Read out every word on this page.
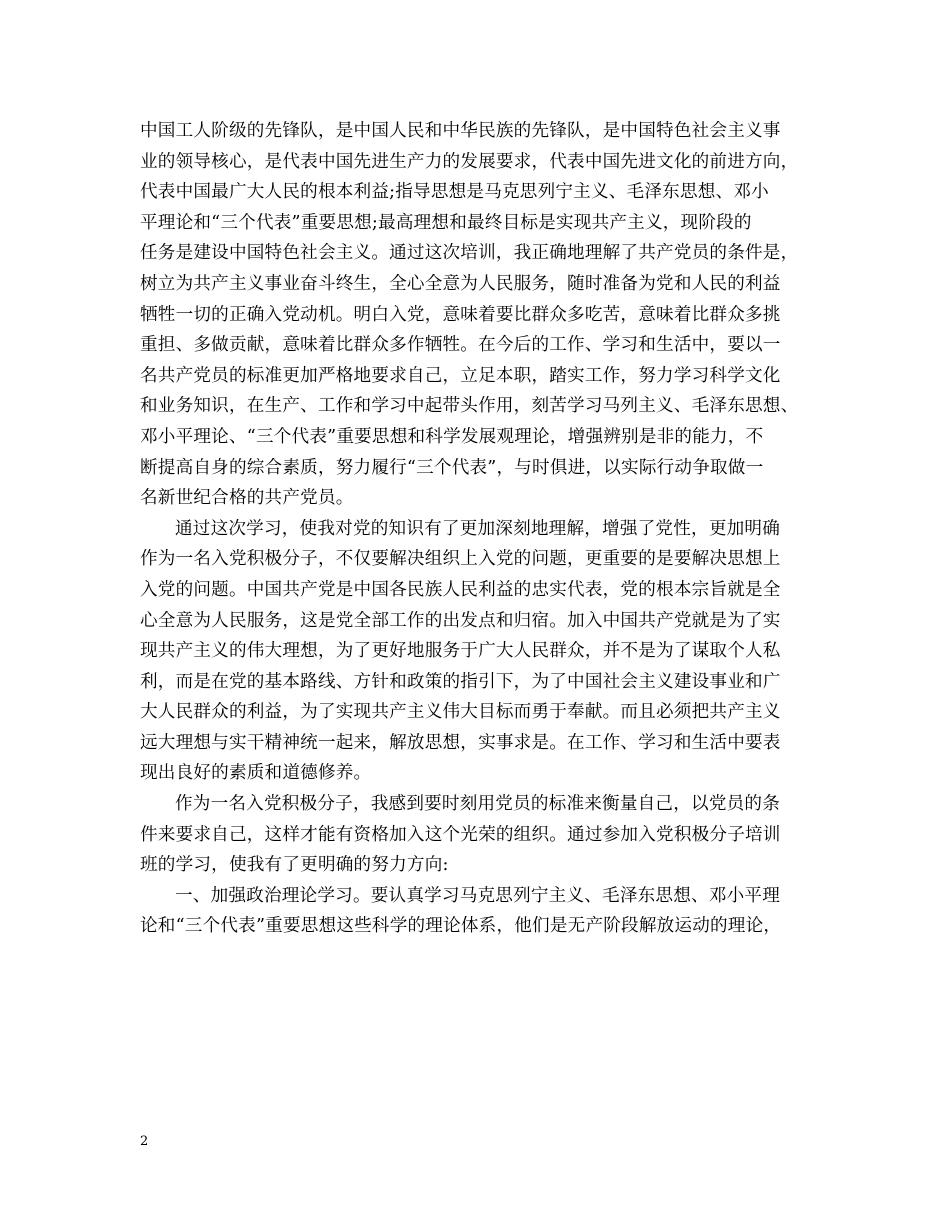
中国工人阶级的先锋队，是中国人民和中华民族的先锋队，是中国特色社会主义事
业的领导核心，是代表中国先进生产力的发展要求，代表中国先进文化的前进方向，
代表中国最广大人民的根本利益;指导思想是马克思列宁主义、毛泽东思想、邓小
平理论和“三个代表”重要思想;最高理想和最终目标是实现共产主义，现阶段的
任务是建设中国特色社会主义。通过这次培训，我正确地理解了共产党员的条件是，
树立为共产主义事业奋斗终生，全心全意为人民服务，随时准备为党和人民的利益
牺牲一切的正确入党动机。明白入党，意味着要比群众多吃苦，意味着比群众多挑
重担、多做贡献，意味着比群众多作牺牲。在今后的工作、学习和生活中，要以一
名共产党员的标准更加严格地要求自己，立足本职，踏实工作，努力学习科学文化
和业务知识，在生产、工作和学习中起带头作用，刻苦学习马列主义、毛泽东思想、
邓小平理论、“三个代表”重要思想和科学发展观理论，增强辨别是非的能力，不
断提高自身的综合素质，努力履行“三个代表”，与时俱进，以实际行动争取做一
名新世纪合格的共产党员。
通过这次学习，使我对党的知识有了更加深刻地理解，增强了党性，更加明确
作为一名入党积极分子，不仅要解决组织上入党的问题，更重要的是要解决思想上
入党的问题。中国共产党是中国各民族人民利益的忠实代表，党的根本宗旨就是全
心全意为人民服务，这是党全部工作的出发点和归宿。加入中国共产党就是为了实
现共产主义的伟大理想，为了更好地服务于广大人民群众，并不是为了谋取个人私
利，而是在党的基本路线、方针和政策的指引下，为了中国社会主义建设事业和广
大人民群众的利益，为了实现共产主义伟大目标而勇于奉献。而且必须把共产主义
远大理想与实干精神统一起来，解放思想，实事求是。在工作、学习和生活中要表
现出良好的素质和道德修养。
作为一名入党积极分子，我感到要时刻用党员的标准来衡量自己，以党员的条
件来要求自己，这样才能有资格加入这个光荣的组织。通过参加入党积极分子培训
班的学习，使我有了更明确的努力方向:
一、加强政治理论学习。要认真学习马克思列宁主义、毛泽东思想、邓小平理
论和“三个代表”重要思想这些科学的理论体系，他们是无产阶段解放运动的理论，
2
